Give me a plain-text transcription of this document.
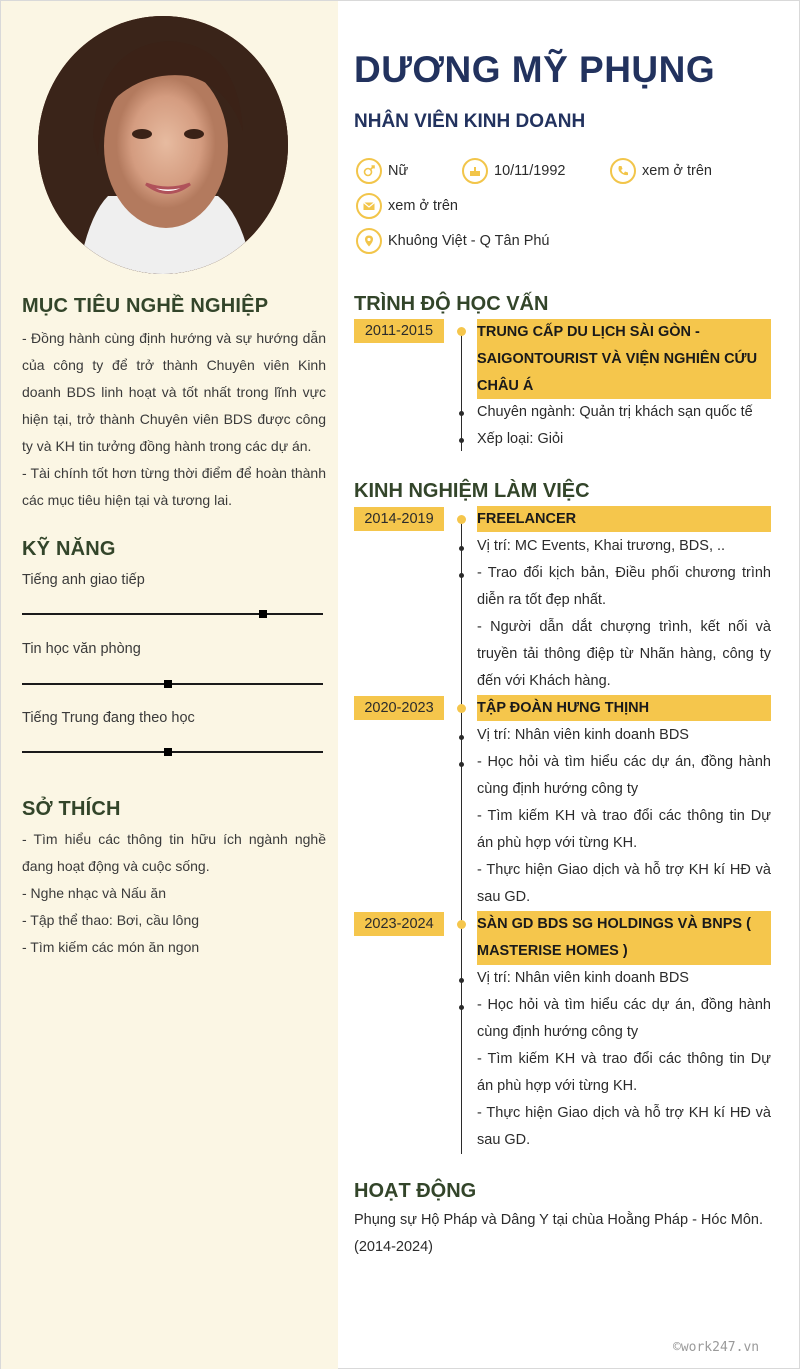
MỤC TIÊU NGHỀ NGHIỆP
- Đồng hành cùng định hướng và sự hướng dẫn của công ty để trở thành Chuyên viên Kinh doanh BDS linh hoạt và tốt nhất trong lĩnh vực hiện tại, trở thành Chuyên viên BDS được công ty và KH tin tưởng đồng hành trong các dự án.
- Tài chính tốt hơn từng thời điểm để hoàn thành các mục tiêu hiện tại và tương lai.
KỸ NĂNG
Tiếng anh giao tiếp
Tin học văn phòng
Tiếng Trung đang theo học
SỞ THÍCH
- Tìm hiểu các thông tin hữu ích ngành nghề đang hoạt động và cuộc sống.
- Nghe nhạc và Nấu ăn
- Tập thể thao: Bơi, cầu lông
- Tìm kiếm các món ăn ngon
DƯƠNG MỸ PHỤNG
NHÂN VIÊN KINH DOANH
Nữ	10/11/1992	xem ở trên
xem ở trên
Khuông Việt - Q Tân Phú
TRÌNH ĐỘ HỌC VẤN
2011-2015	TRUNG CẤP DU LỊCH SÀI GÒN - SAIGONTOURIST VÀ VIỆN NGHIÊN CỨU CHÂU Á
Chuyên ngành: Quản trị khách sạn quốc tế
Xếp loại: Giỏi
KINH NGHIỆM LÀM VIỆC
2014-2019	FREELANCER
Vị trí: MC Events, Khai trương, BDS, ..
- Trao đổi kịch bản, Điều phối chương trình diễn ra tốt đẹp nhất.
- Người dẫn dắt chượng trình, kết nối và truyền tải thông điệp từ Nhãn hàng, công ty đến với Khách hàng.
2020-2023	TẬP ĐOÀN HƯNG THỊNH
Vị trí: Nhân viên kinh doanh BDS
- Học hỏi và tìm hiểu các dự án, đồng hành cùng định hướng công ty
- Tìm kiếm KH và trao đổi các thông tin Dự án phù hợp với từng KH.
- Thực hiện Giao dịch và hỗ trợ KH kí HĐ và sau GD.
2023-2024	SÀN GD BDS SG HOLDINGS VÀ BNPS ( MASTERISE HOMES )
Vị trí: Nhân viên kinh doanh BDS
- Học hỏi và tìm hiểu các dự án, đồng hành cùng định hướng công ty
- Tìm kiếm KH và trao đổi các thông tin Dự án phù hợp với từng KH.
- Thực hiện Giao dịch và hỗ trợ KH kí HĐ và sau GD.
HOẠT ĐỘNG
Phụng sự Hộ Pháp và Dâng Y tại chùa Hoằng Pháp - Hóc Môn. (2014-2024)
©work247.vn
